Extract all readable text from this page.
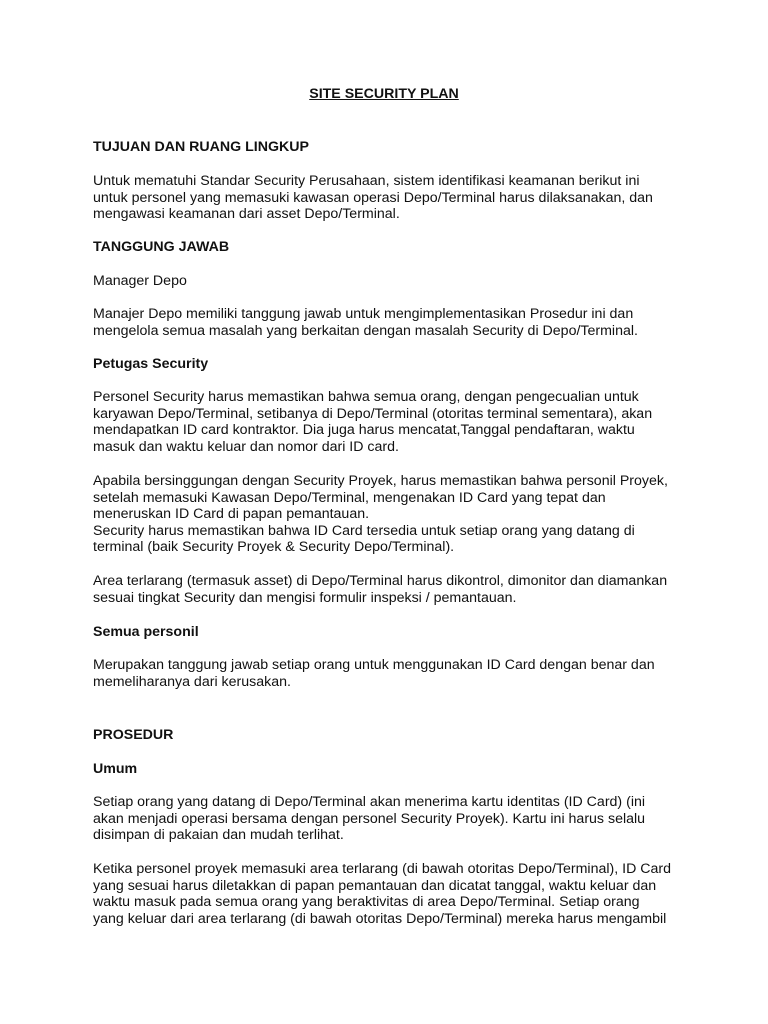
SITE SECURITY PLAN

TUJUAN DAN RUANG LINGKUP

Untuk mematuhi Standar Security Perusahaan, sistem identifikasi keamanan berikut ini
untuk personel yang memasuki kawasan operasi Depo/Terminal harus dilaksanakan, dan
mengawasi keamanan dari asset Depo/Terminal.

TANGGUNG JAWAB

Manager Depo

Manajer Depo memiliki tanggung jawab untuk mengimplementasikan Prosedur ini dan
mengelola semua masalah yang berkaitan dengan masalah Security di Depo/Terminal.

Petugas Security

Personel Security harus memastikan bahwa semua orang, dengan pengecualian untuk
karyawan Depo/Terminal, setibanya di Depo/Terminal (otoritas terminal sementara), akan
mendapatkan ID card kontraktor. Dia juga harus mencatat,Tanggal pendaftaran, waktu
masuk dan waktu keluar dan nomor dari ID card.

Apabila bersinggungan dengan Security Proyek, harus memastikan bahwa personil Proyek,
setelah memasuki Kawasan Depo/Terminal, mengenakan ID Card yang tepat dan
meneruskan ID Card di papan pemantauan.
Security harus memastikan bahwa ID Card tersedia untuk setiap orang yang datang di
terminal (baik Security Proyek & Security Depo/Terminal).

Area terlarang (termasuk asset) di Depo/Terminal harus dikontrol, dimonitor dan diamankan
sesuai tingkat Security dan mengisi formulir inspeksi / pemantauan.

Semua personil

Merupakan tanggung jawab setiap orang untuk menggunakan ID Card dengan benar dan
memeliharanya dari kerusakan.

PROSEDUR

Umum

Setiap orang yang datang di Depo/Terminal akan menerima kartu identitas (ID Card) (ini
akan menjadi operasi bersama dengan personel Security Proyek). Kartu ini harus selalu
disimpan di pakaian dan mudah terlihat.

Ketika personel proyek memasuki area terlarang (di bawah otoritas Depo/Terminal), ID Card
yang sesuai harus diletakkan di papan pemantauan dan dicatat tanggal, waktu keluar dan
waktu masuk pada semua orang yang beraktivitas di area Depo/Terminal. Setiap orang
yang keluar dari area terlarang (di bawah otoritas Depo/Terminal) mereka harus mengambil
